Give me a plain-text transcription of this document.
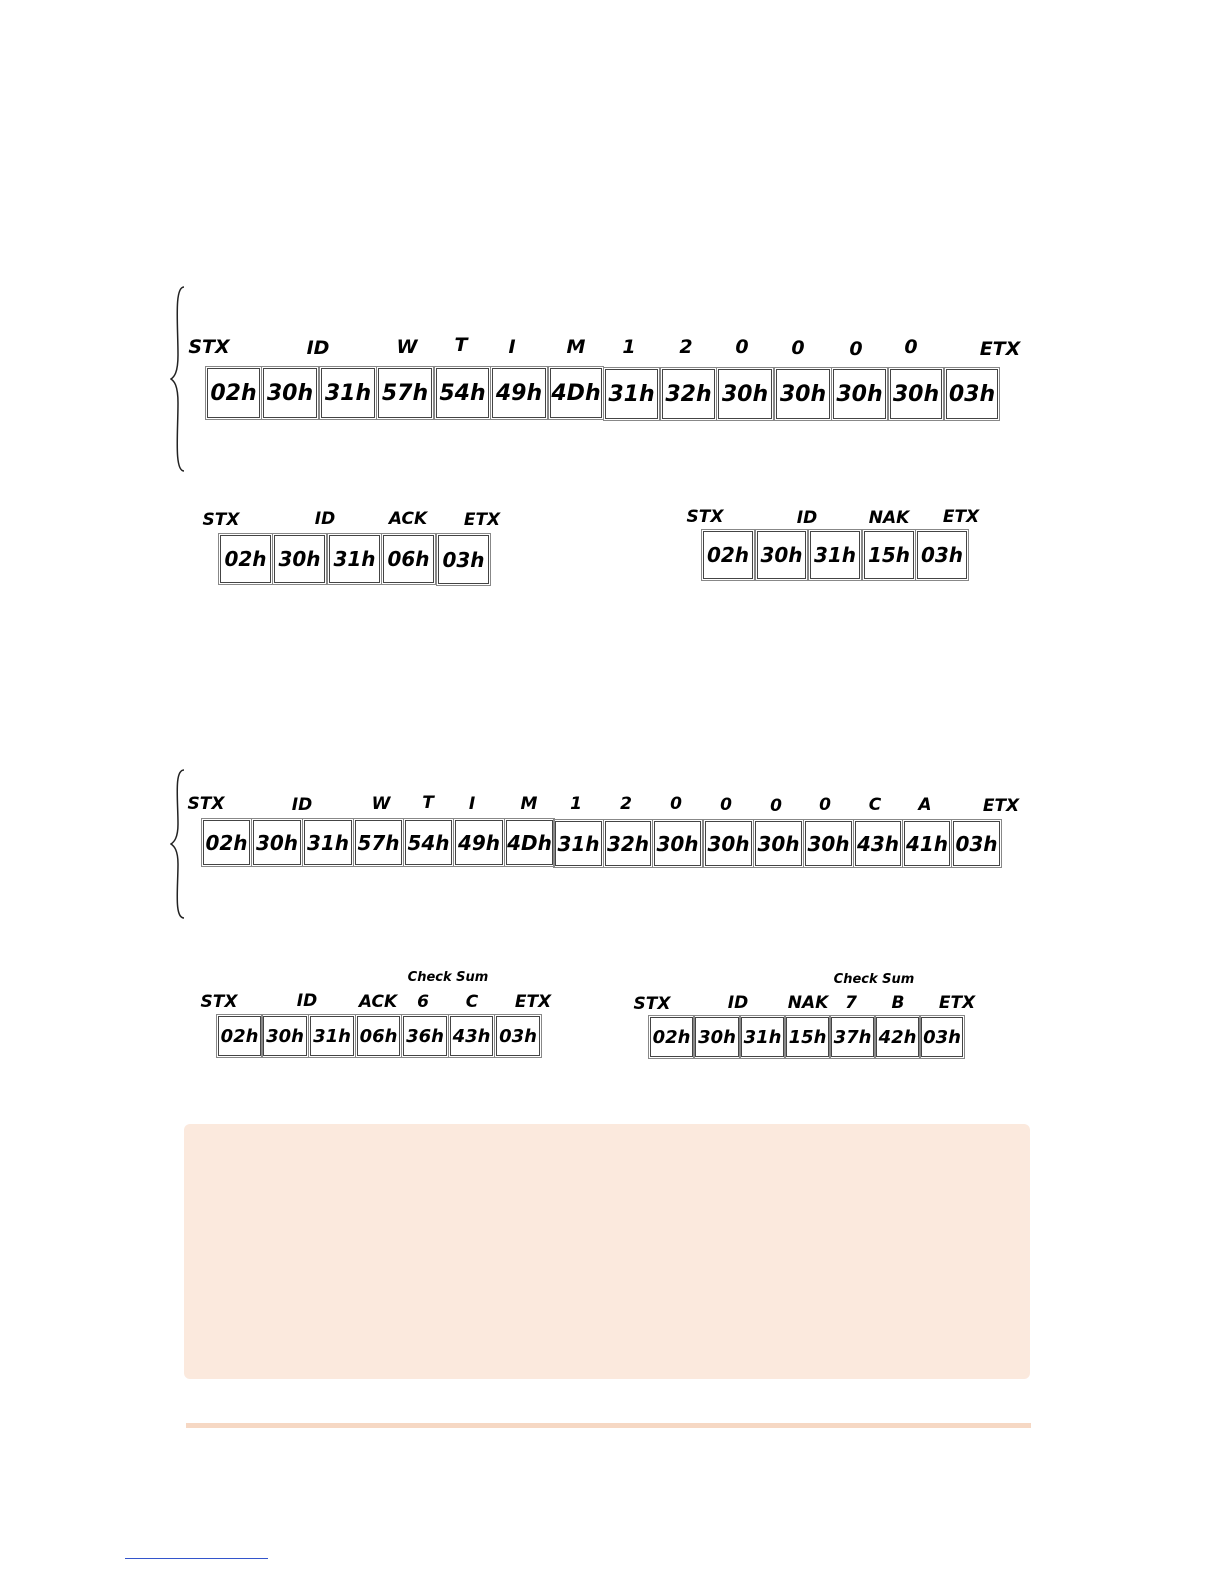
STX	ID	W T I	M 1 2 0 0 0 0	ETX
02h 30h 31h 57h 54h 49h 4Dh 31h 32h 30h 30h 30h 30h 03h
STX	ID	ACK ETX
02h 30h 31h 06h 03h
STX	ID	NAK ETX
02h 30h 31h 15h 03h
STX	ID	W T I	M 1 2 0 0 0 0 C A	ETX
02h 30h 31h 57h 54h 49h 4Dh 31h 32h 30h 30h 30h 30h 43h 41h 03h
Check Sum
STX	ID ACK 6 C ETX
02h 30h 31h 06h 36h 43h 03h
Check Sum
STX	ID NAK 7 B ETX
02h 30h 31h 15h 37h 42h 03h
